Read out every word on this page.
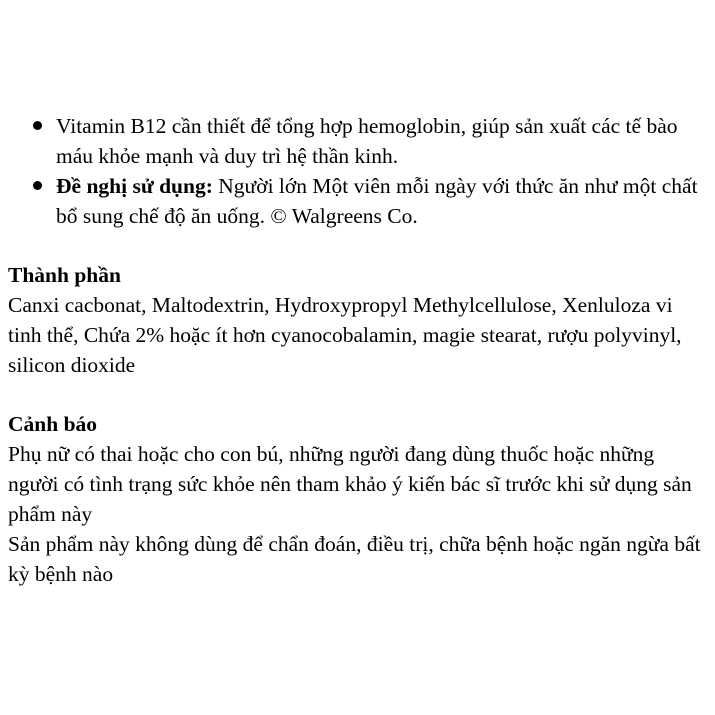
Vitamin B12 cần thiết để tổng hợp hemoglobin, giúp sản xuất các tế bào máu khỏe mạnh và duy trì hệ thần kinh.
Đề nghị sử dụng: Người lớn Một viên mỗi ngày với thức ăn như một chất bổ sung chế độ ăn uống. © Walgreens Co.

Thành phần

Canxi cacbonat, Maltodextrin, Hydroxypropyl Methylcellulose, Xenluloza vi tinh thể, Chứa 2% hoặc ít hơn cyanocobalamin, magie stearat, rượu polyvinyl, silicon dioxide

Cảnh báo

Phụ nữ có thai hoặc cho con bú, những người đang dùng thuốc hoặc những người có tình trạng sức khỏe nên tham khảo ý kiến bác sĩ trước khi sử dụng sản phẩm này

Sản phẩm này không dùng để chẩn đoán, điều trị, chữa bệnh hoặc ngăn ngừa bất kỳ bệnh nào
